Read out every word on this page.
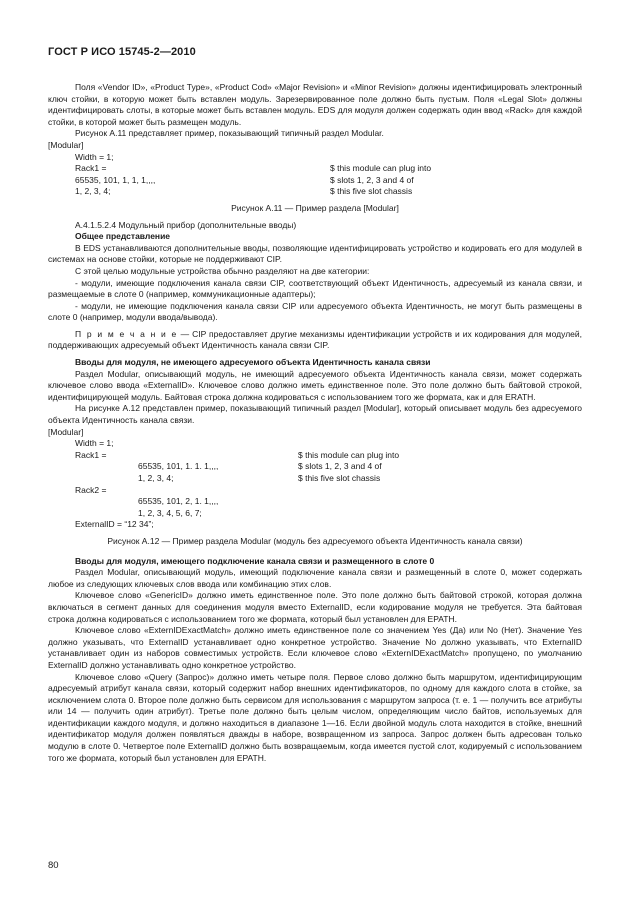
ГОСТ Р ИСО 15745-2—2010

Поля «Vendor ID», «Product Type», «Product Cod» «Major Revision» и «Minor Revision» должны идентифицировать электронный ключ стойки, в которую может быть вставлен модуль. Зарезервированное поле должно быть пустым. Поля «Legal Slot» должны идентифицировать слоты, в которые может быть вставлен модуль. EDS для модуля должен содержать один ввод «Rack» для каждой стойки, в которой может быть размещен модуль.

Рисунок А.11 представляет пример, показывающий типичный раздел Modular.

[Modular]
Width = 1;
Rack1 =	$ this module can plug into
65535, 101, 1, 1, 1,,,,	$ slots 1, 2, 3 and 4 of
1, 2, 3, 4;	$ this five slot chassis

Рисунок А.11 — Пример раздела [Modular]

А.4.1.5.2.4 Модульный прибор (дополнительные вводы)

Общее представление

В EDS устанавливаются дополнительные вводы, позволяющие идентифицировать устройство и кодировать его для модулей в системах на основе стойки, которые не поддерживают CIP.

С этой целью модульные устройства обычно разделяют на две категории:

- модули, имеющие подключения канала связи CIP, соответствующий объект Идентичность, адресуемый из канала связи, и размещаемые в слоте 0 (например, коммуникационные адаптеры);

- модули, не имеющие подключения канала связи CIP или адресуемого объекта Идентичность, не могут быть размещены в слоте 0 (например, модули ввода/вывода).

П р и м е ч а н и е — CIP предоставляет другие механизмы идентификации устройств и их кодирования для модулей, поддерживающих адресуемый объект Идентичность канала связи CIP.

Вводы для модуля, не имеющего адресуемого объекта Идентичность канала связи

Раздел Modular, описывающий модуль, не имеющий адресуемого объекта Идентичность канала связи, может содержать ключевое слово ввода «ExternalID». Ключевое слово должно иметь единственное поле. Это поле должно быть байтовой строкой, идентифицирующей модуль. Байтовая строка должна кодироваться с использованием того же формата, как и для ERATH.

На рисунке А.12 представлен пример, показывающий типичный раздел [Modular], который описывает модуль без адресуемого объекта Идентичность канала связи.

[Modular]
Width = 1;
Rack1 =	$ this module can plug into
65535, 101, 1. 1. 1,,,,	$ slots 1, 2, 3 and 4 of
1, 2, 3, 4;	$ this five slot chassis
Rack2 =
65535, 101, 2, 1. 1,,,,
1, 2, 3, 4, 5, 6, 7;
ExternalID = “12 34”;

Рисунок А.12 — Пример раздела Modular (модуль без адресуемого объекта Идентичность канала связи)

Вводы для модуля, имеющего подключение канала связи и размещенного в слоте 0

Раздел Modular, описывающий модуль, имеющий подключение канала связи и размещенный в слоте 0, может содержать любое из следующих ключевых слов ввода или комбинацию этих слов.

Ключевое слово «GenericID» должно иметь единственное поле. Это поле должно быть байтовой строкой, которая должна включаться в сегмент данных для соединения модуля вместо ExternalID, если кодирование модуля не требуется. Эта байтовая строка должна кодироваться с использованием того же формата, который был установлен для EPATH.

Ключевое слово «ExternIDExactMatch» должно иметь единственное поле со значением Yes (Да) или No (Нет). Значение Yes должно указывать, что ExternalID устанавливает одно конкретное устройство. Значение No должно указывать, что ExternalID устанавливает один из наборов совместимых устройств. Если ключевое слово «ExternIDExactMatch» пропущено, по умолчанию ExternalID должно устанавливать одно конкретное устройство.

Ключевое слово «Query (Запрос)» должно иметь четыре поля. Первое слово должно быть маршрутом, идентифицирующим адресуемый атрибут канала связи, который содержит набор внешних идентификаторов, по одному для каждого слота в стойке, за исключением слота 0. Второе поле должно быть сервисом для использования с маршрутом запроса (т. е. 1 — получить все атрибуты или 14 — получить один атрибут). Третье поле должно быть целым числом, определяющим число байтов, используемых для идентификации каждого модуля, и должно находиться в диапазоне 1—16. Если двойной модуль слота находится в стойке, внешний идентификатор модуля должен появляться дважды в наборе, возвращенном из запроса. Запрос должен быть адресован только модулю в слоте 0. Четвертое поле ExternalID должно быть возвращаемым, когда имеется пустой слот, кодируемый с использованием того же формата, который был установлен для EPATH.

80
